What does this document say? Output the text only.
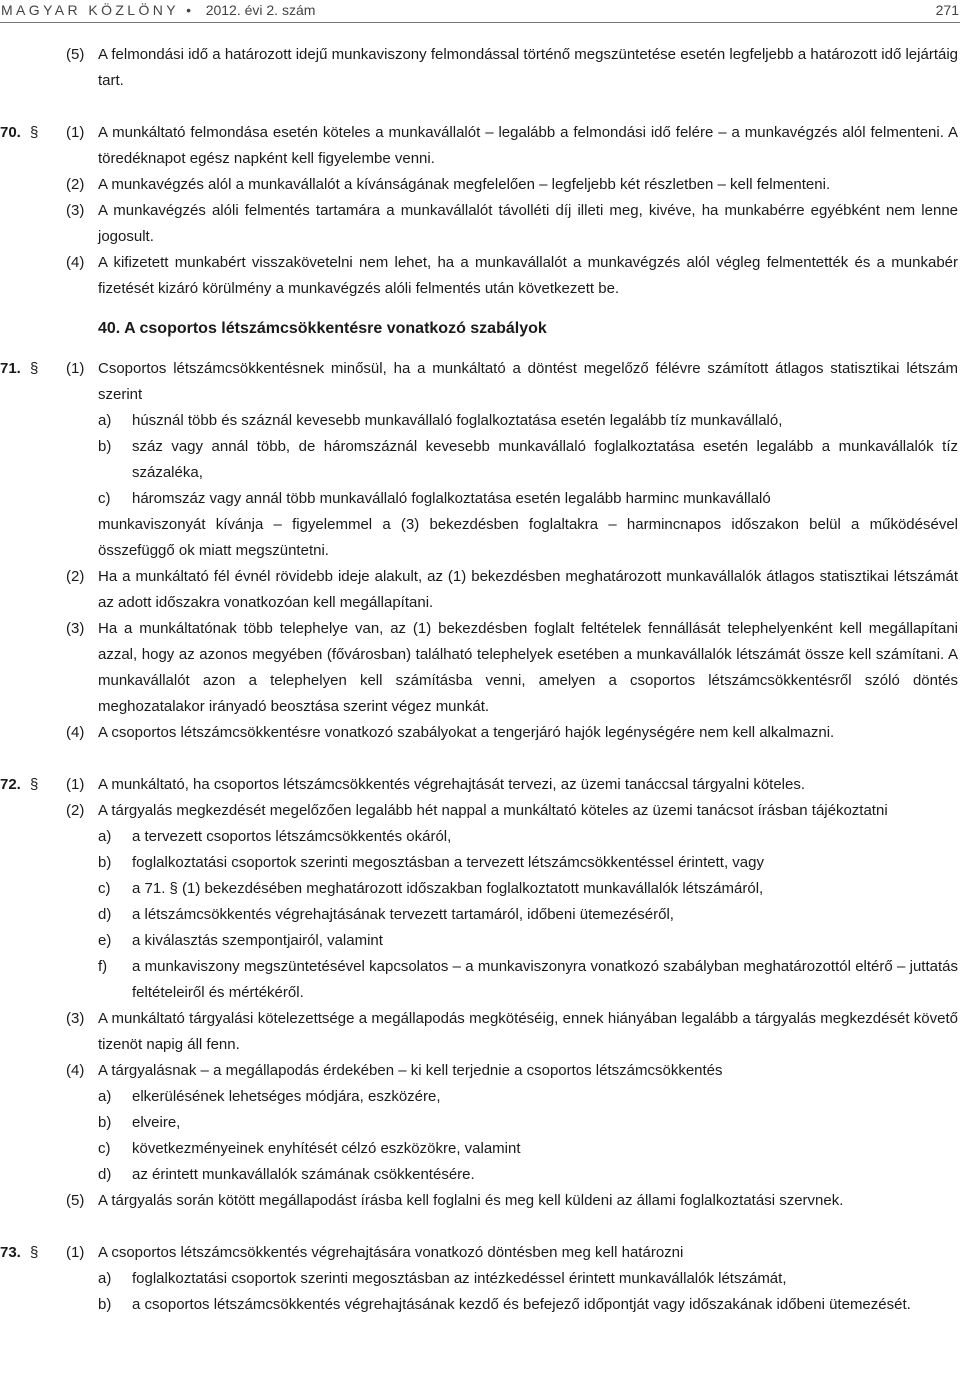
MAGYAR KÖZLÖNY • 2012. évi 2. szám	271
(5) A felmondási idő a határozott idejű munkaviszony felmondással történő megszüntetése esetén legfeljebb a határozott idő lejártáig tart.
70. § (1) A munkáltató felmondása esetén köteles a munkavállalót – legalább a felmondási idő felére – a munkavégzés alól felmenteni. A töredéknapot egész napként kell figyelembe venni.
(2) A munkavégzés alól a munkavállalót a kívánságának megfelelően – legfeljebb két részletben – kell felmenteni.
(3) A munkavégzés alóli felmentés tartamára a munkavállalót távolléti díj illeti meg, kivéve, ha munkabérre egyébként nem lenne jogosult.
(4) A kifizetett munkabért visszakövetelni nem lehet, ha a munkavállalót a munkavégzés alól végleg felmentették és a munkabér fizetését kizáró körülmény a munkavégzés alóli felmentés után következett be.
40. A csoportos létszámcsökkentésre vonatkozó szabályok
71. § (1) Csoportos létszámcsökkentésnek minősül, ha a munkáltató a döntést megelőző félévre számított átlagos statisztikai létszám szerint
a) húsznál több és száznál kevesebb munkavállaló foglalkoztatása esetén legalább tíz munkavállaló,
b) száz vagy annál több, de háromszáznál kevesebb munkavállaló foglalkoztatása esetén legalább a munkavállalók tíz százaléka,
c) háromszáz vagy annál több munkavállaló foglalkoztatása esetén legalább harminc munkavállaló
munkaviszonyát kívánja – figyelemmel a (3) bekezdésben foglaltakra – harmincnapos időszakon belül a működésével összefüggő ok miatt megszüntetni.
(2) Ha a munkáltató fél évnél rövidebb ideje alakult, az (1) bekezdésben meghatározott munkavállalók átlagos statisztikai létszámát az adott időszakra vonatkozóan kell megállapítani.
(3) Ha a munkáltatónak több telephelye van, az (1) bekezdésben foglalt feltételek fennállását telephelyenként kell megállapítani azzal, hogy az azonos megyében (fővárosban) található telephelyek esetében a munkavállalók létszámát össze kell számítani. A munkavállalót azon a telephelyen kell számításba venni, amelyen a csoportos létszámcsökkentésről szóló döntés meghozatalakor irányadó beosztása szerint végez munkát.
(4) A csoportos létszámcsökkentésre vonatkozó szabályokat a tengerjáró hajók legénységére nem kell alkalmazni.
72. § (1) A munkáltató, ha csoportos létszámcsökkentés végrehajtását tervezi, az üzemi tanáccsal tárgyalni köteles.
(2) A tárgyalás megkezdését megelőzően legalább hét nappal a munkáltató köteles az üzemi tanácsot írásban tájékoztatni
a) a tervezett csoportos létszámcsökkentés okáról,
b) foglalkoztatási csoportok szerinti megosztásban a tervezett létszámcsökkentéssel érintett, vagy
c) a 71. § (1) bekezdésében meghatározott időszakban foglalkoztatott munkavállalók létszámáról,
d) a létszámcsökkentés végrehajtásának tervezett tartamáról, időbeni ütemezéséről,
e) a kiválasztás szempontjairól, valamint
f) a munkaviszony megszüntetésével kapcsolatos – a munkaviszonyra vonatkozó szabályban meghatározottól eltérő – juttatás feltételeiről és mértékéről.
(3) A munkáltató tárgyalási kötelezettsége a megállapodás megkötéséig, ennek hiányában legalább a tárgyalás megkezdését követő tizenöt napig áll fenn.
(4) A tárgyalásnak – a megállapodás érdekében – ki kell terjednie a csoportos létszámcsökkentés
a) elkerülésének lehetséges módjára, eszközére,
b) elveire,
c) következményeinek enyhítését célzó eszközökre, valamint
d) az érintett munkavállalók számának csökkentésére.
(5) A tárgyalás során kötött megállapodást írásba kell foglalni és meg kell küldeni az állami foglalkoztatási szervnek.
73. § (1) A csoportos létszámcsökkentés végrehajtására vonatkozó döntésben meg kell határozni
a) foglalkoztatási csoportok szerinti megosztásban az intézkedéssel érintett munkavállalók létszámát,
b) a csoportos létszámcsökkentés végrehajtásának kezdő és befejező időpontját vagy időszakának időbeni ütemezését.
